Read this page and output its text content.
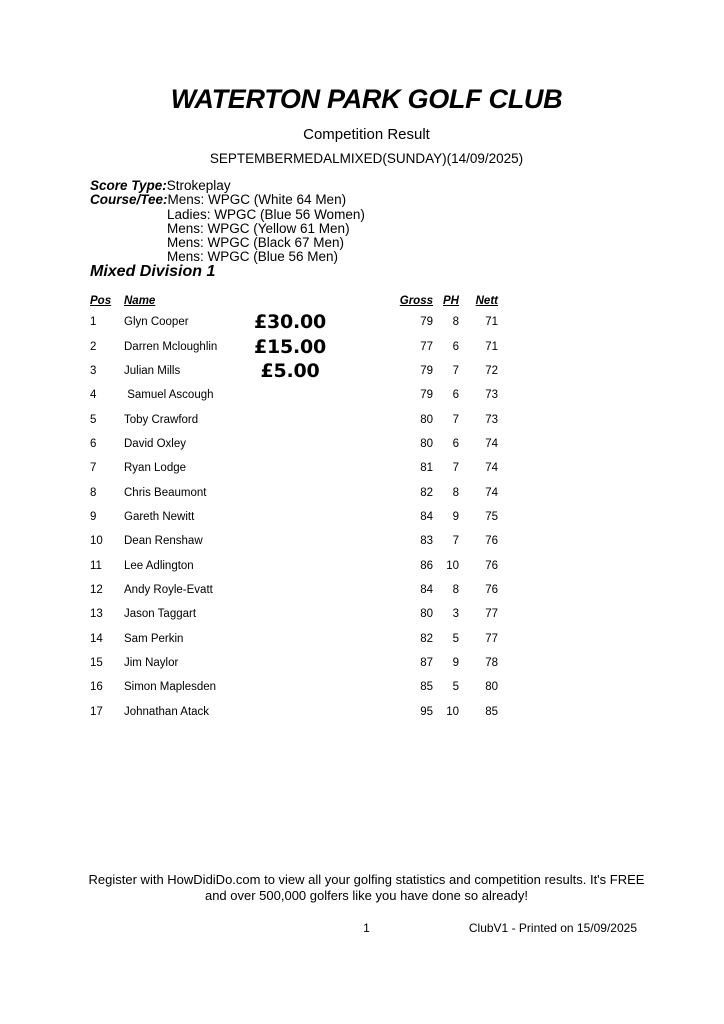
WATERTON PARK GOLF CLUB
Competition Result
SEPTEMBERMEDALMIXED(SUNDAY)(14/09/2025)
Score Type:Strokeplay
Course/Tee:Mens: WPGC (White 64 Men)
Ladies: WPGC (Blue 56 Women)
Mens: WPGC (Yellow 61 Men)
Mens: WPGC (Black 67 Men)
Mens: WPGC (Blue 56 Men)
Mixed Division 1
Pos	Name	Gross PH	Nett
1	Glyn Cooper	£30.00	79	8	71
2	Darren Mcloughlin	£15.00	77	6	71
3	Julian Mills	£5.00	79	7	72
4	Samuel Ascough	79	6	73
5	Toby Crawford	80	7	73
6	David Oxley	80	6	74
7	Ryan Lodge	81	7	74
8	Chris Beaumont	82	8	74
9	Gareth Newitt	84	9	75
10	Dean Renshaw	83	7	76
11	Lee Adlington	86	10	76
12	Andy Royle-Evatt	84	8	76
13	Jason Taggart	80	3	77
14	Sam Perkin	82	5	77
15	Jim Naylor	87	9	78
16	Simon Maplesden	85	5	80
17	Johnathan Atack	95	10	85
Register with HowDidiDo.com to view all your golfing statistics and competition results. It's FREE
and over 500,000 golfers like you have done so already!
1	ClubV1 - Printed on 15/09/2025
